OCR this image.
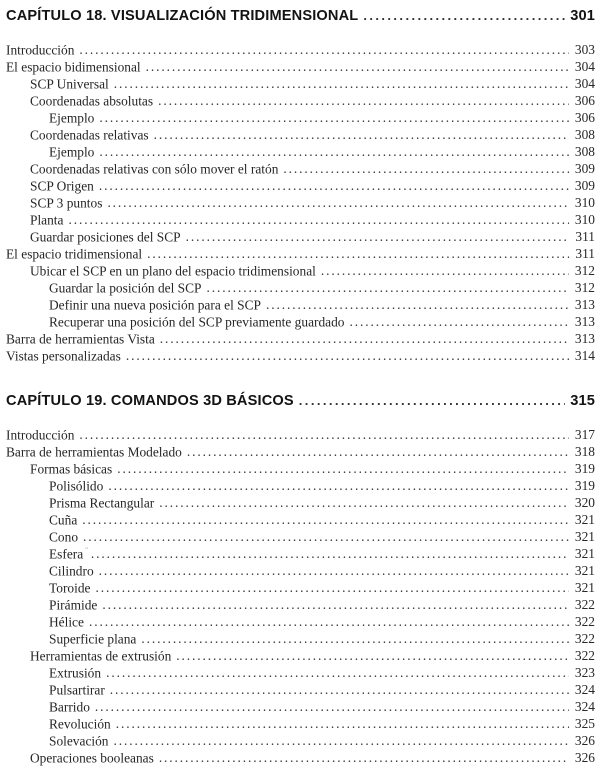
CAPÍTULO 18. VISUALIZACIÓN TRIDIMENSIONAL .....	301
Introducción .....	303
El espacio bidimensional .....	304
SCP Universal .....	304
Coordenadas absolutas .....	306
Ejemplo .....	306
Coordenadas relativas .....	308
Ejemplo .....	308
Coordenadas relativas con sólo mover el ratón .....	309
SCP Origen .....	309
SCP 3 puntos .....	310
Planta .....	310
Guardar posiciones del SCP .....	311
El espacio tridimensional .....	311
Ubicar el SCP en un plano del espacio tridimensional .....	312
Guardar la posición del SCP .....	312
Definir una nueva posición para el SCP .....	313
Recuperar una posición del SCP previamente guardado .....	313
Barra de herramientas Vista .....	313
Vistas personalizadas .....	314
CAPÍTULO 19. COMANDOS 3D BÁSICOS .....	315
Introducción .....	317
Barra de herramientas Modelado .....	318
Formas básicas .....	319
Polisólido .....	319
Prisma Rectangular .....	320
Cuña .....	321
Cono .....	321
Esfera ¨ .....	321
Cilindro .....	321
Toroide .....	321
Pirámide .....	322
Hélice .....	322
Superficie plana .....	322
Herramientas de extrusión .....	322
Extrusión .....	323
Pulsartirar .....	324
Barrido .....	324
Revolución .....	325
Solevación .....	326
Operaciones booleanas .....	326
